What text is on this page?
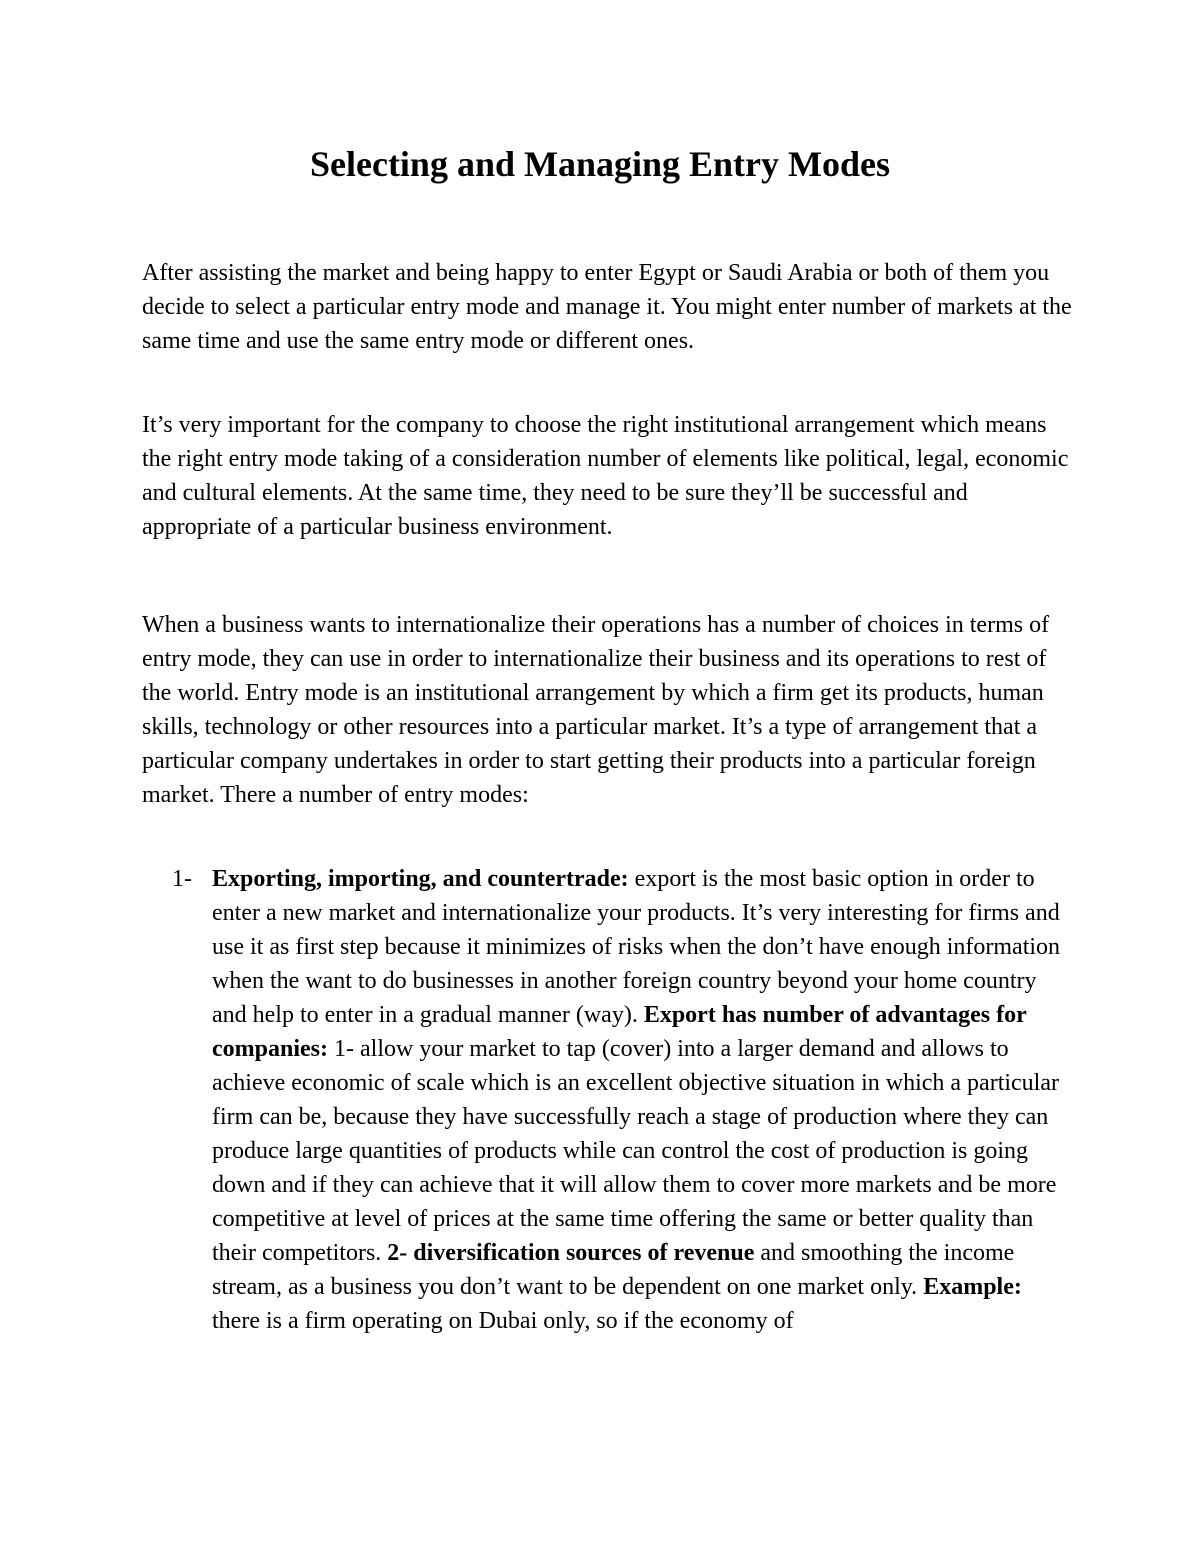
Selecting and Managing Entry Modes

After assisting the market and being happy to enter Egypt or Saudi Arabia or both of them you decide to select a particular entry mode and manage it. You might enter number of markets at the same time and use the same entry mode or different ones.

It’s very important for the company to choose the right institutional arrangement which means the right entry mode taking of a consideration number of elements like political, legal, economic and cultural elements. At the same time, they need to be sure they’ll be successful and appropriate of a particular business environment.

When a business wants to internationalize their operations has a number of choices in terms of entry mode, they can use in order to internationalize their business and its operations to rest of the world. Entry mode is an institutional arrangement by which a firm get its products, human skills, technology or other resources into a particular market. It’s a type of arrangement that a particular company undertakes in order to start getting their products into a particular foreign market. There a number of entry modes:

1- Exporting, importing, and countertrade: export is the most basic option in order to enter a new market and internationalize your products. It’s very interesting for firms and use it as first step because it minimizes of risks when the don’t have enough information when the want to do businesses in another foreign country beyond your home country and help to enter in a gradual manner (way). Export has number of advantages for companies: 1- allow your market to tap (cover) into a larger demand and allows to achieve economic of scale which is an excellent objective situation in which a particular firm can be, because they have successfully reach a stage of production where they can produce large quantities of products while can control the cost of production is going down and if they can achieve that it will allow them to cover more markets and be more competitive at level of prices at the same time offering the same or better quality than their competitors. 2- diversification sources of revenue and smoothing the income stream, as a business you don’t want to be dependent on one market only. Example: there is a firm operating on Dubai only, so if the economy of
